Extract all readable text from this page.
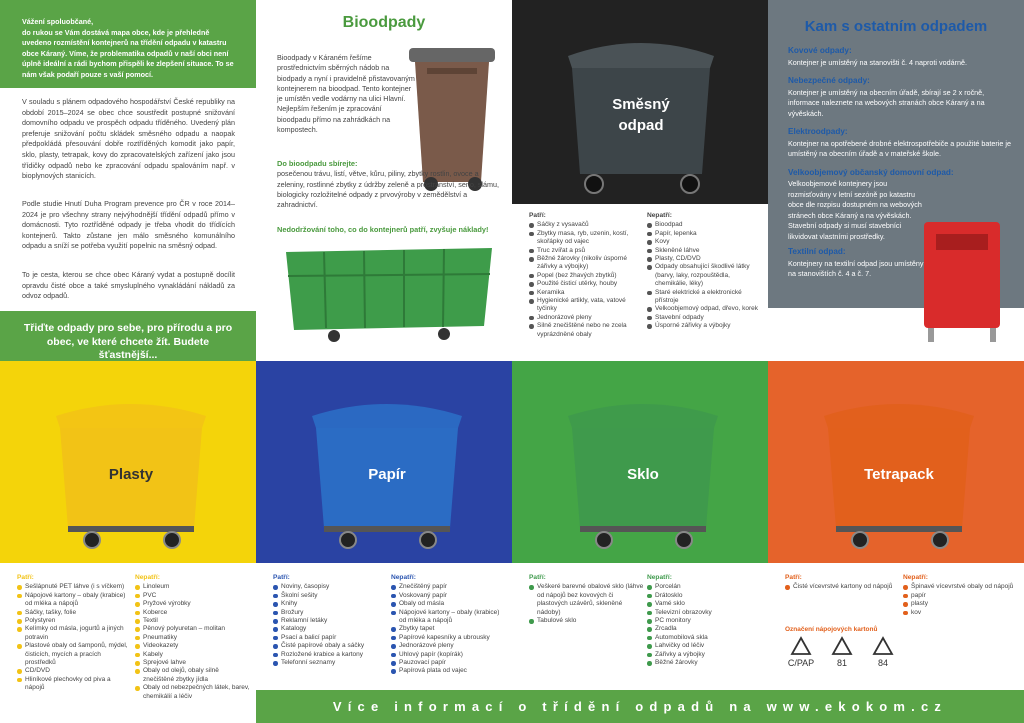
Vážení spoluobčané,
do rukou se Vám dostává mapa obce, kde je přehledně uvedeno rozmístění kontejnerů na třídění odpadu v katastru obce Káraný. Víme, že problematika odpadů v naší obci není úplně ideální a rádi bychom přispěli ke zlepšení situace. To se nám však podaří pouze s vaší pomocí.
V souladu s plánem odpadového hospodářství České republiky na období 2015–2024 se obec chce soustředit postupné snižování domovního odpadu ve prospěch odpadu tříděného. Uvedený plán preferuje snižování počtu skládek směsného odpadu a naopak předpokládá přesouvání dobře roztříděných komodit jako papír, sklo, plasty, tetrapak, kovy do zpracovatelských zařízení jako jsou třídičky odpadů nebo ke zpracování odpadu spalováním např. v bioplynových stanicích.
Podle studie Hnutí Duha Program prevence pro ČR v roce 2014–2024 je pro všechny strany nejvýhodnější třídění odpadů přímo v domácnosti. Tyto roztříděné odpady je třeba vhodit do třídících kontejnerů. Takto zůstane jen málo směsného komunálního odpadu a sníží se potřeba využití popelnic na směsný odpad.
To je cesta, kterou se chce obec Káraný vydat a postupně docílit opravdu čisté obce a také smysluplného vynakládání nákladů za odvoz odpadů.
Třiďte odpady pro sebe, pro přírodu a pro obec, ve které chcete žít. Budete šťastnější...
Bioodpady
Bioodpady v Káraném řešíme prostřednictvím sběrných nádob na biodpady a nyní i pravidelně přistavovaným kontejnerem na bioodpad. Tento kontejner je umístěn vedle vodárny na ulici Hlavní. Nejlepším řešením je zpracování bioodpadu přímo na zahrádkách na kompostech.
Do bioodpadu sbírejte:
posečenou trávu, listí, větve, kůru, piliny, zbytky rostlin, ovoce a zeleniny, rostlinné zbytky z údržby zeleně a prostranství, seno, slámu, biologicky rozložitelné odpady z prvovýroby v zemědělství a zahradnictví.
Nedodržování toho, co do kontejnerů patří, zvyšuje náklady!
Směsný
odpad
Patří:
Sáčky z vysavačů
Zbytky masa, ryb, uzenin, kostí, skořápky od vajec
Truс zvířat a psů
Běžné žárovky (nikoliv úsporné zářivky a výbojky)
Popel (bez žhavých zbytků)
Použité čisticí utěrky, houby
Keramika
Hygienické artikly, vata, vatové tyčinky
Jednorázové pleny
Silně znečištěné nebo ne zcela vyprázdněné obaly
Nepatří:
Bioodpad
Papír, lepenka
Kovy
Skleněné láhve
Plasty, CD/DVD
Odpady obsahující škodlivé látky (barvy, laky, rozpouštědla, chemikálie, léky)
Staré elektrické a elektronické přístroje
Velkoobjemový odpad, dřevo, korek
Stavební odpady
Úsporné zářivky a výbojky
Kam s ostatním odpadem
Kovové odpady:
Kontejner je umístěný na stanovišti č. 4 naproti vodárně.
Nebezpečné odpady:
Kontejner je umístěný na obecním úřadě, sbírají se 2 x ročně, informace naleznete na webových stranách obce Káraný a na vývěskách.
Elektroodpady:
Kontejner na opotřebené drobné elektrospotřebiče a použité baterie je umístěný na obecním úřadě a v mateřské škole.
Velkoobjemový občanský domovní odpad:
Velkoobjemové kontejnery jsou rozmisťovány v letní sezóně po katastru obce dle rozpisu dostupném na webových stránech obce Káraný a na vývěskách. Stavební odpady si musí stavebníci likvidovat vlastními prostředky.
Textilní odpad:
Kontejnery na textilní odpad jsou umístěny na stanovištích č. 4 a č. 7.
Plasty
Patří:
Sešlápnuté PET láhve (i s víčkem)
Nápojové kartony – obaly (krabice) od mléka a nápojů
Sáčky, tašky, folie
Polystyren
Kelímky od másla, jogurtů a jiných potravin
Plastové obaly od šamponů, mýdel, čisticích, mycích a pracích prostředků
CD/DVD
Hliníkové plechovky od piva a nápojů
Nepatří:
Linoleum
PVC
Pryžové výrobky
Koberce
Textil
Pěnový polyuretan – molitan
Pneumatiky
Videokazety
Kabely
Sprejové lahve
Obaly od olejů, obaly silně znečištěné zbytky jídla
Obaly od nebezpečných látek, barev, chemikálií a léčiv
Papír
Patří:
Noviny, časopisy
Školní sešity
Knihy
Brožury
Reklamní letáky
Katalogy
Psací a balicí papír
Čisté papírové obaly a sáčky
Rozložené krabice a kartony
Telefonní seznamy
Nepatří:
Znečištěný papír
Voskovaný papír
Obaly od másla
Nápojové kartony – obaly (krabice) od mléka a nápojů
Zbytky tapet
Papírové kapesníky a ubrousky
Jednorázové pleny
Uhlový papír (kopírák)
Pauzovací papír
Papírová plata od vajec
Sklo
Patří:
Veškeré barevné obalové sklo (láhve od nápojů bez kovových či plastových uzávěrů, skleněné nádoby)
Tabulové sklo
Nepatří:
Porcelán
Drátosklo
Vamé sklo
Televizní obrazovky
PC monitory
Zrcadla
Automobilová skla
Lahvičky od léčiv
Zářivky a výbojky
Běžné žárovky
Tetrapack
Patří:
Čisté vícevrstvé kartony od nápojů
Nepatří:
Špinavé vícevrstvé obaly od nápojů
papír
plasty
kov
Označení nápojových kartonů
C/PAP	81	84
Více informací o třídění odpadů na www.ekokom.cz
